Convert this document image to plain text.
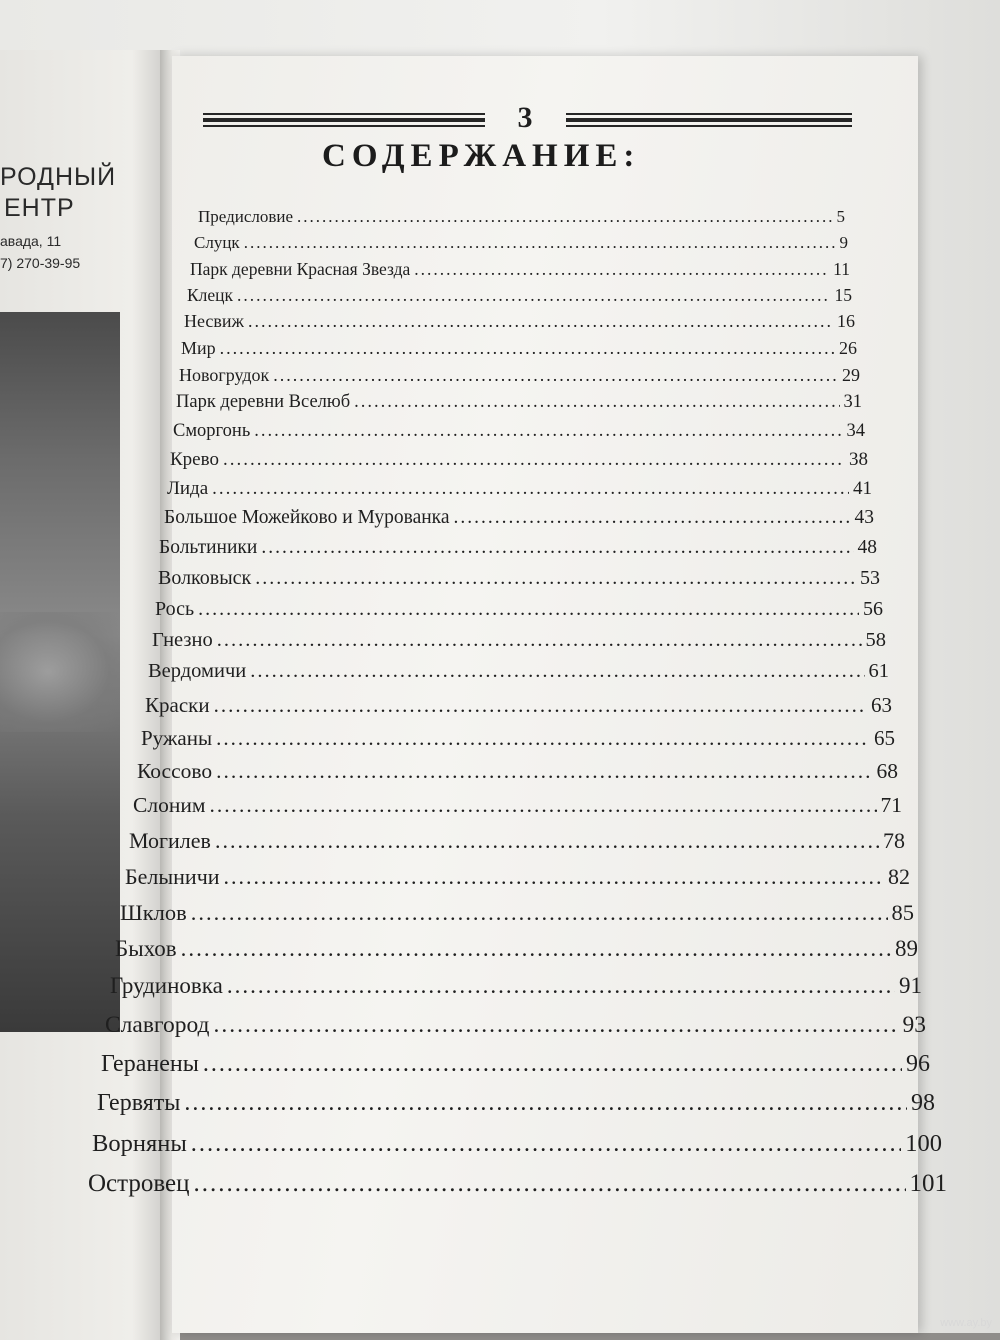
РОДНЫЙ
ЕНТР
авада, 11
7) 270-39-95
3
СОДЕРЖАНИЕ:
Предисловие .....	5
Слуцк .....	9
Парк деревни Красная Звезда .....	11
Клецк .....	15
Несвиж .....	16
Мир .....	26
Новогрудок .....	29
Парк деревни Вселюб .....	31
Сморгонь .....	34
Крево .....	38
Лида .....	41
Большое Можейково и Мурованка .....	43
Больтиники .....	48
Волковыск .....	53
Рось .....	56
Гнезно .....	58
Вердомичи .....	61
Краски .....	63
Ружаны .....	65
Коссово .....	68
Слоним .....	71
Могилев .....	78
Белыничи .....	82
Шклов .....	85
Быхов .....	89
Грудиновка .....	91
Славгород .....	93
Геранены .....	96
Гервяты .....	98
Ворняны .....	100
Островец .....	101
www.ay.by
